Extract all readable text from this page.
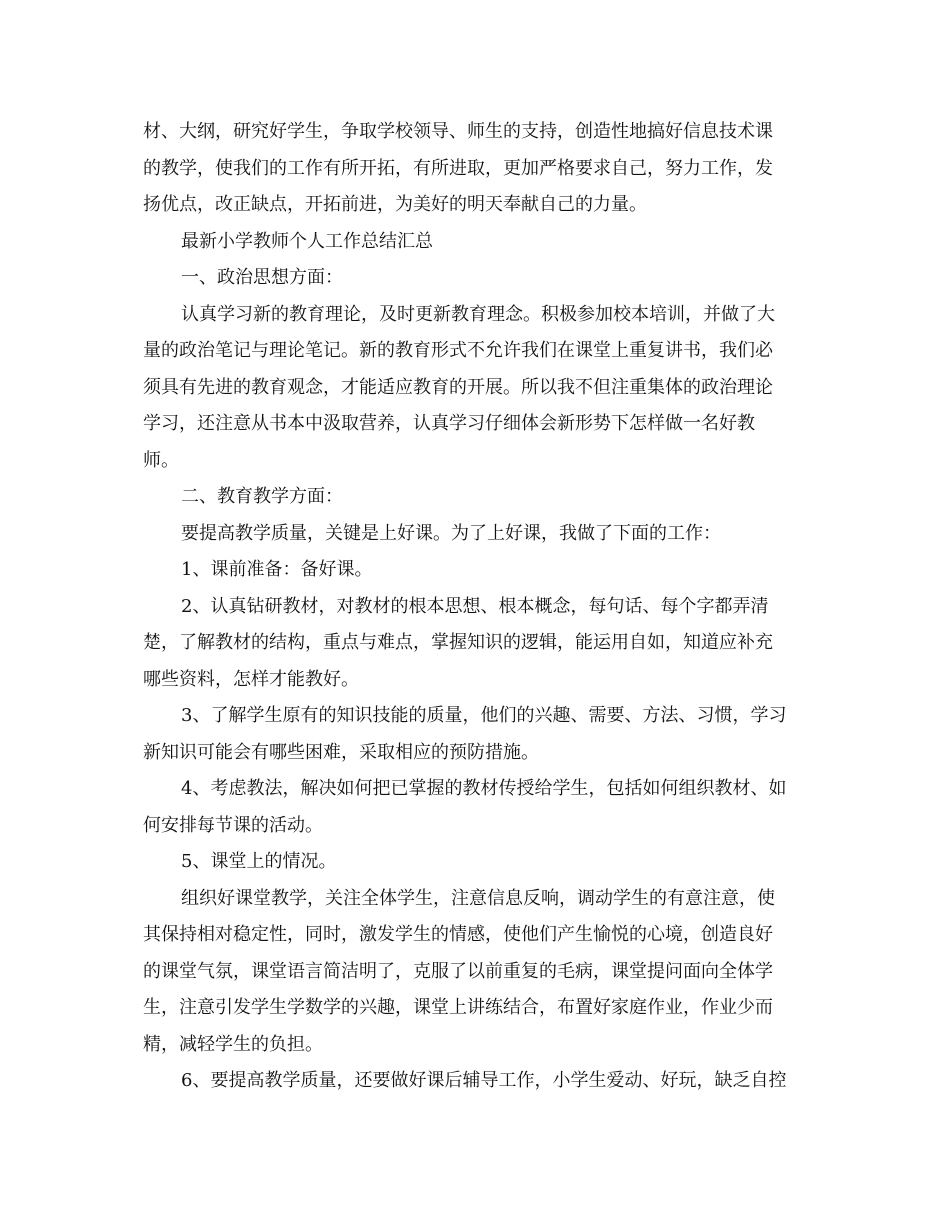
材、大纲，研究好学生，争取学校领导、师生的支持，创造性地搞好信息技术课
的教学，使我们的工作有所开拓，有所进取，更加严格要求自己，努力工作，发
扬优点，改正缺点，开拓前进，为美好的明天奉献自己的力量。
最新小学教师个人工作总结汇总
一、政治思想方面：
认真学习新的教育理论，及时更新教育理念。积极参加校本培训，并做了大
量的政治笔记与理论笔记。新的教育形式不允许我们在课堂上重复讲书，我们必
须具有先进的教育观念，才能适应教育的开展。所以我不但注重集体的政治理论
学习，还注意从书本中汲取营养，认真学习仔细体会新形势下怎样做一名好教
师。
二、教育教学方面：
要提高教学质量，关键是上好课。为了上好课，我做了下面的工作：
1、课前准备：备好课。
2、认真钻研教材，对教材的根本思想、根本概念，每句话、每个字都弄清
楚，了解教材的结构，重点与难点，掌握知识的逻辑，能运用自如，知道应补充
哪些资料，怎样才能教好。
3、了解学生原有的知识技能的质量，他们的兴趣、需要、方法、习惯，学习
新知识可能会有哪些困难，采取相应的预防措施。
4、考虑教法，解决如何把已掌握的教材传授给学生，包括如何组织教材、如
何安排每节课的活动。
5、课堂上的情况。
组织好课堂教学，关注全体学生，注意信息反响，调动学生的有意注意，使
其保持相对稳定性，同时，激发学生的情感，使他们产生愉悦的心境，创造良好
的课堂气氛，课堂语言简洁明了，克服了以前重复的毛病，课堂提问面向全体学
生，注意引发学生学数学的兴趣，课堂上讲练结合，布置好家庭作业，作业少而
精，减轻学生的负担。
6、要提高教学质量，还要做好课后辅导工作，小学生爱动、好玩，缺乏自控
